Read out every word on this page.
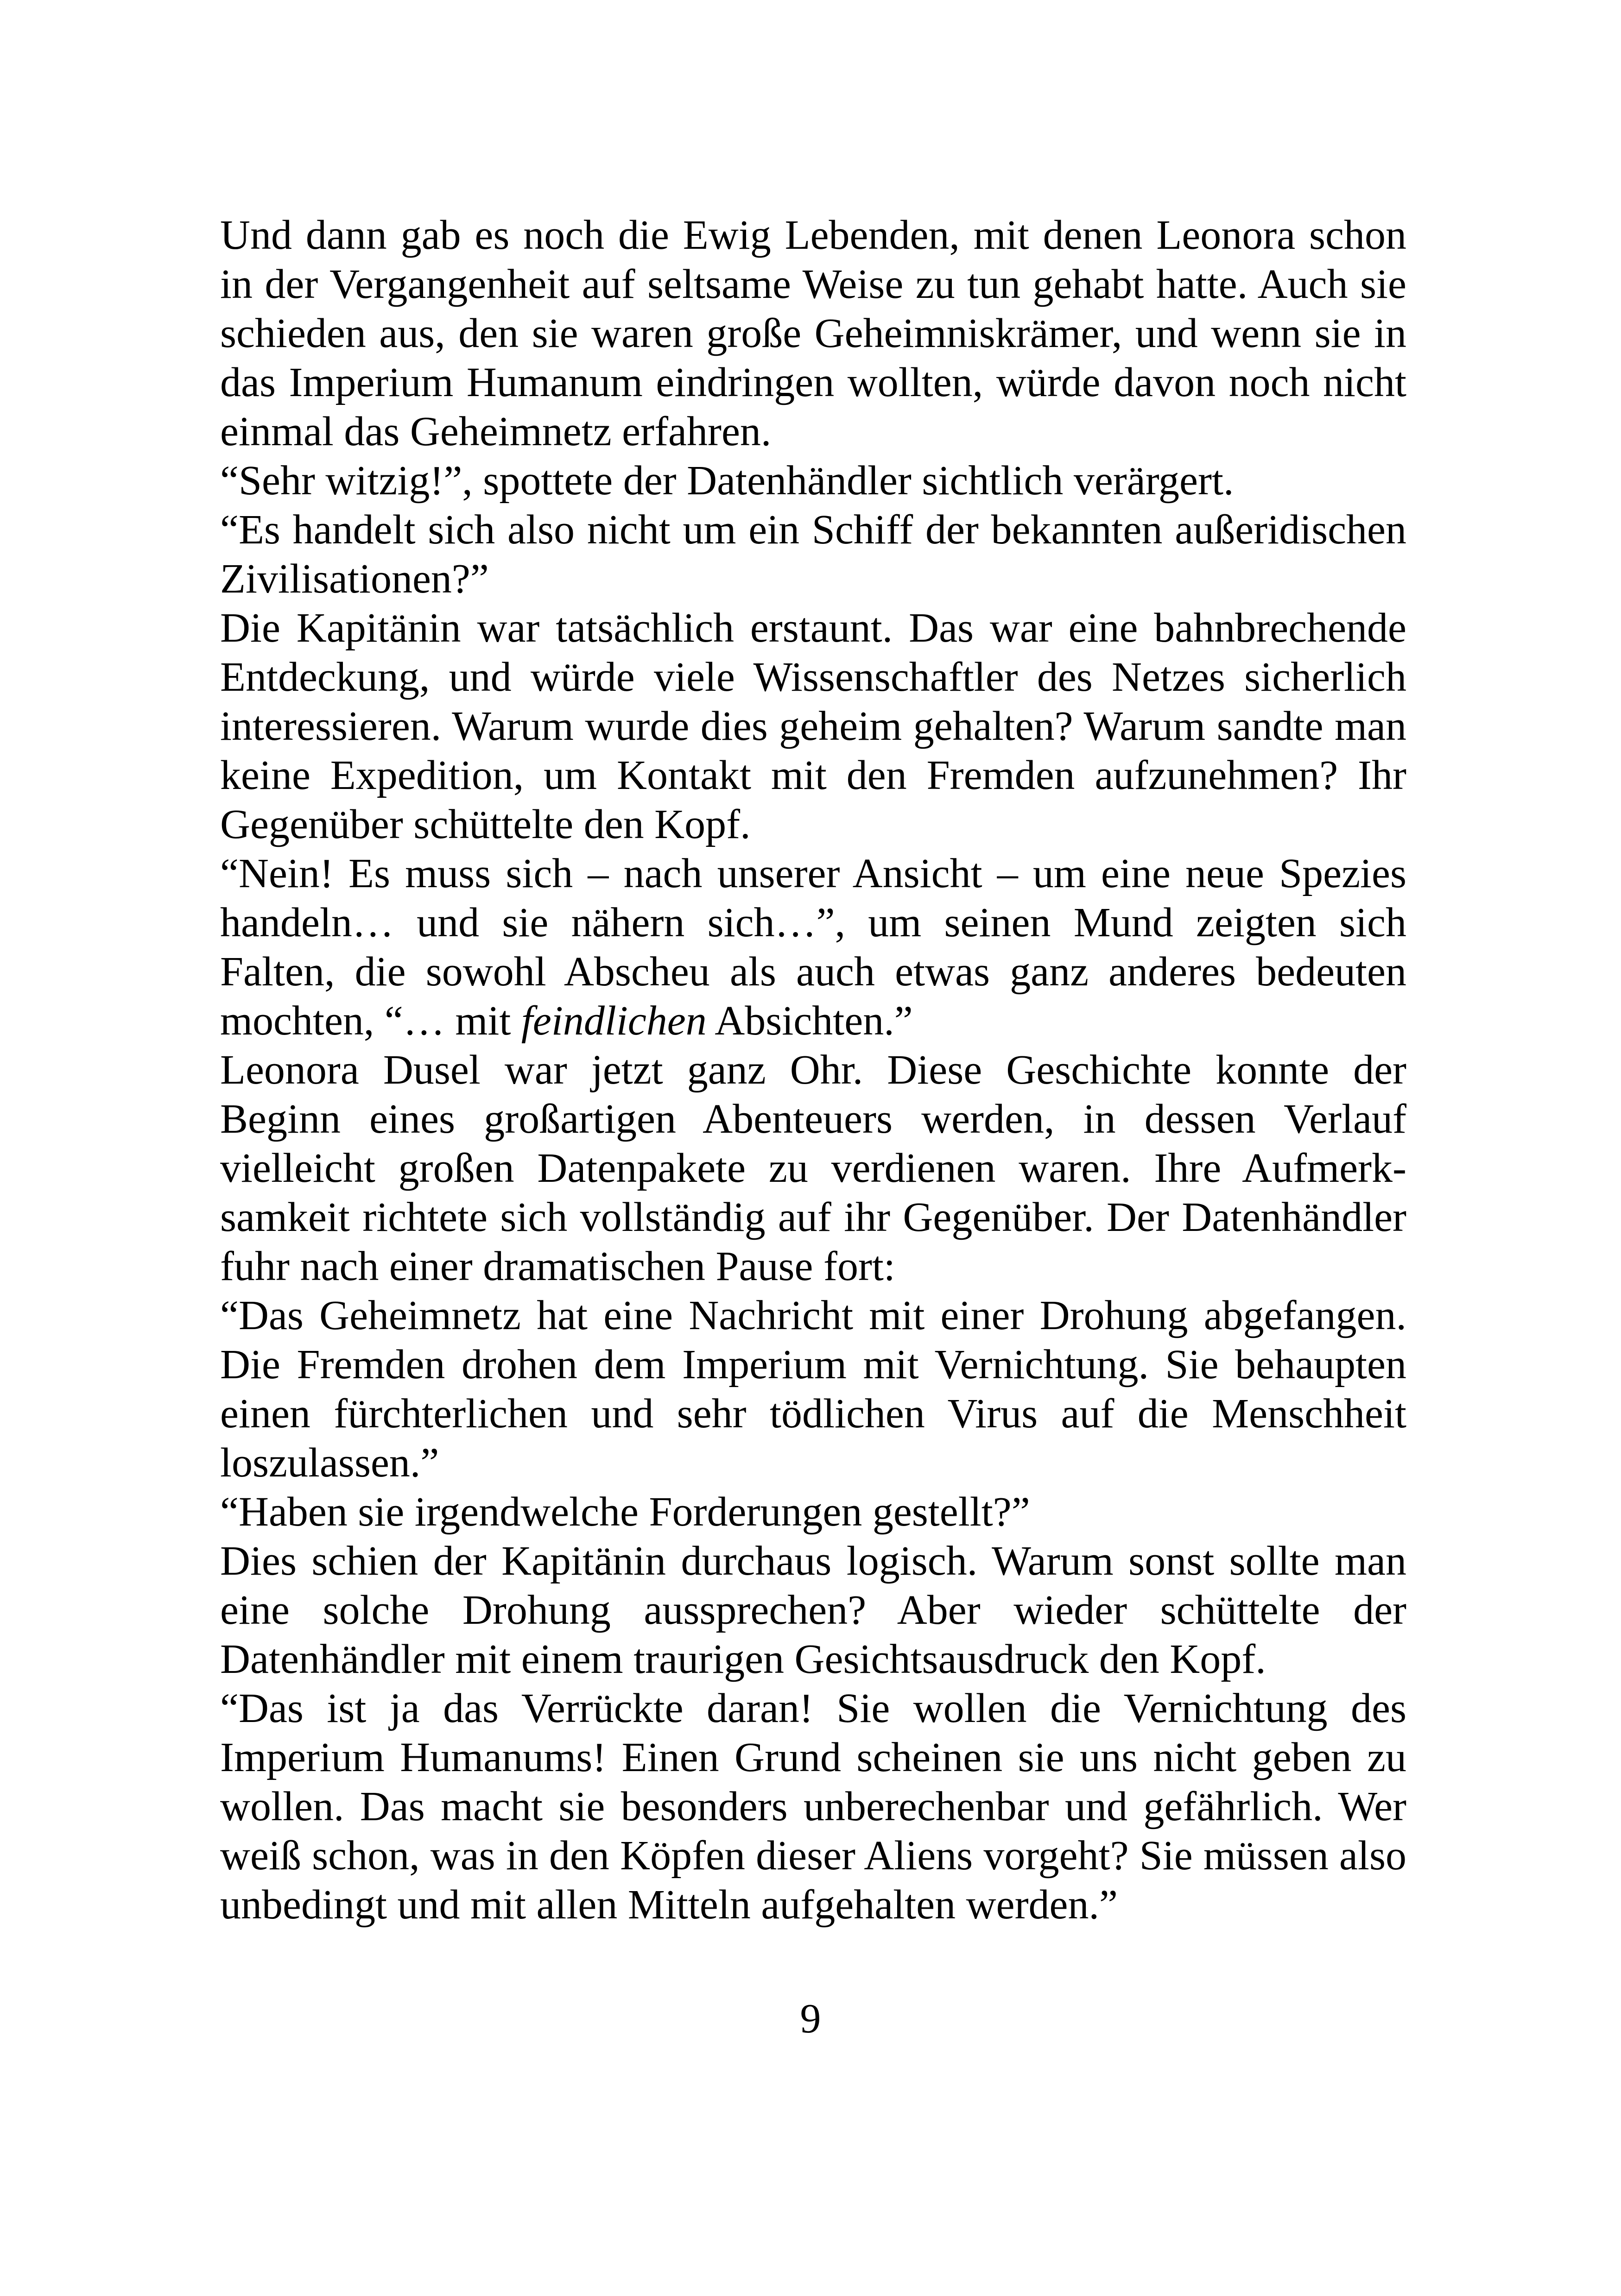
Und dann gab es noch die Ewig Lebenden, mit denen Leonora schon in der Vergangenheit auf seltsame Weise zu tun gehabt hatte. Auch sie schieden aus, den sie waren große Geheimniskrämer, und wenn sie in das Imperium Humanum eindringen wollten, würde davon noch nicht einmal das Geheimnetz erfahren.

“Sehr witzig!”, spottete der Datenhändler sichtlich verärgert.

“Es handelt sich also nicht um ein Schiff der bekannten außeridischen Zivilisationen?”

Die Kapitänin war tatsächlich erstaunt. Das war eine bahnbrechende Entdeckung, und würde viele Wissenschaftler des Netzes sicherlich interessieren. Warum wurde dies geheim gehalten? Warum sandte man keine Expedition, um Kontakt mit den Fremden aufzunehmen? Ihr Gegenüber schüttelte den Kopf.

“Nein! Es muss sich – nach unserer Ansicht – um eine neue Spezies handeln… und sie nähern sich…”, um seinen Mund zeigten sich Falten, die sowohl Abscheu als auch etwas ganz anderes bedeuten mochten, “… mit feindlichen Absichten.”

Leonora Dusel war jetzt ganz Ohr. Diese Geschichte konnte der Beginn eines großartigen Abenteuers werden, in dessen Verlauf vielleicht großen Datenpakete zu verdienen waren. Ihre Aufmerksamkeit richtete sich vollständig auf ihr Gegenüber. Der Datenhändler fuhr nach einer dramatischen Pause fort:

“Das Geheimnetz hat eine Nachricht mit einer Drohung abgefangen. Die Fremden drohen dem Imperium mit Vernichtung. Sie behaupten einen fürchterlichen und sehr tödlichen Virus auf die Menschheit loszulassen.”

“Haben sie irgendwelche Forderungen gestellt?”

Dies schien der Kapitänin durchaus logisch. Warum sonst sollte man eine solche Drohung aussprechen? Aber wieder schüttelte der Datenhändler mit einem traurigen Gesichtsausdruck den Kopf.

“Das ist ja das Verrückte daran! Sie wollen die Vernichtung des Imperium Humanums! Einen Grund scheinen sie uns nicht geben zu wollen. Das macht sie besonders unberechenbar und gefährlich. Wer weiß schon, was in den Köpfen dieser Aliens vorgeht? Sie müssen also unbedingt und mit allen Mitteln aufgehalten werden.”

9
